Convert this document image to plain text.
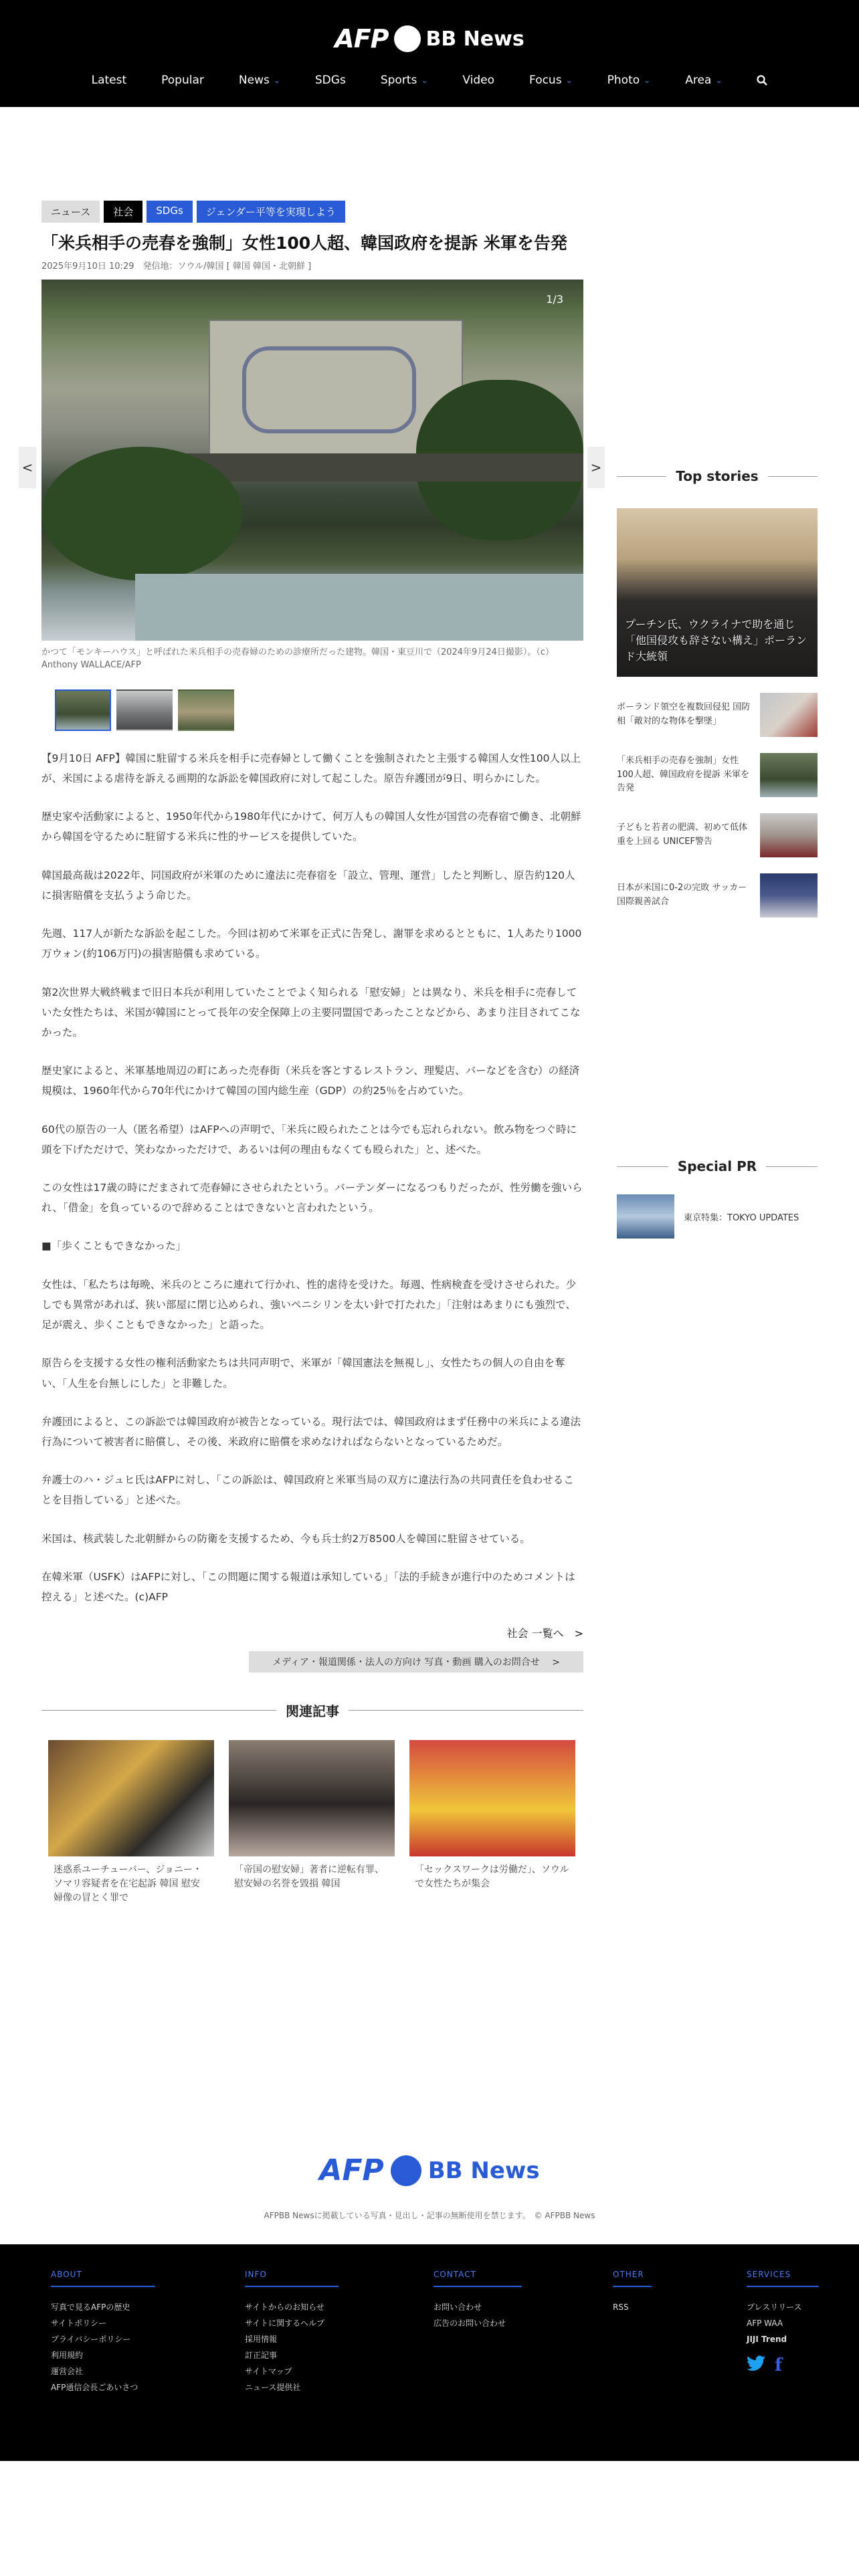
AFP BB News
Latest	Popular	News ⌄	SDGs	Sports ⌄	Video	Focus ⌄	Photo ⌄	Area ⌄
ニュース	社会	SDGs	ジェンダー平等を実現しよう
「米兵相手の売春を強制」女性100人超、韓国政府を提訴 米軍を告発
2025年9月10日 10:29　発信地：ソウル/韓国 [ 韓国 韓国・北朝鮮 ]
1/3
かつて「モンキーハウス」と呼ばれた米兵相手の売春婦のための診療所だった建物。韓国・東豆川で（2024年9月24日撮影）。（c）Anthony WALLACE/AFP

【9月10日 AFP】韓国に駐留する米兵を相手に売春婦として働くことを強制されたと主張する韓国人女性100人以上が、米国による虐待を訴える画期的な訴訟を韓国政府に対して起こした。原告弁護団が9日、明らかにした。

歴史家や活動家によると、1950年代から1980年代にかけて、何万人もの韓国人女性が国営の売春宿で働き、北朝鮮から韓国を守るために駐留する米兵に性的サービスを提供していた。

韓国最高裁は2022年、同国政府が米軍のために違法に売春宿を「設立、管理、運営」したと判断し、原告約120人に損害賠償を支払うよう命じた。

先週、117人が新たな訴訟を起こした。今回は初めて米軍を正式に告発し、謝罪を求めるとともに、1人あたり1000万ウォン(約106万円)の損害賠償も求めている。

第2次世界大戦終戦まで旧日本兵が利用していたことでよく知られる「慰安婦」とは異なり、米兵を相手に売春していた女性たちは、米国が韓国にとって長年の安全保障上の主要同盟国であったことなどから、あまり注目されてこなかった。

歴史家によると、米軍基地周辺の町にあった売春街（米兵を客とするレストラン、理髪店、バーなどを含む）の経済規模は、1960年代から70年代にかけて韓国の国内総生産（GDP）の約25％を占めていた。

60代の原告の一人（匿名希望）はAFPへの声明で、「米兵に殴られたことは今でも忘れられない。飲み物をつぐ時に頭を下げただけで、笑わなかっただけで、あるいは何の理由もなくても殴られた」と、述べた。

この女性は17歳の時にだまされて売春婦にさせられたという。バーテンダーになるつもりだったが、性労働を強いられ、「借金」を負っているので辞めることはできないと言われたという。

■「歩くこともできなかった」

女性は、「私たちは毎晩、米兵のところに連れて行かれ、性的虐待を受けた。毎週、性病検査を受けさせられた。少しでも異常があれば、狭い部屋に閉じ込められ、強いペニシリンを太い針で打たれた」「注射はあまりにも強烈で、足が震え、歩くこともできなかった」と語った。

原告らを支援する女性の権利活動家たちは共同声明で、米軍が「韓国憲法を無視し」、女性たちの個人の自由を奪い、「人生を台無しにした」と非難した。

弁護団によると、この訴訟では韓国政府が被告となっている。現行法では、韓国政府はまず任務中の米兵による違法行為について被害者に賠償し、その後、米政府に賠償を求めなければならないとなっているためだ。

弁護士のハ・ジュヒ氏はAFPに対し、「この訴訟は、韓国政府と米軍当局の双方に違法行為の共同責任を負わせることを目指している」と述べた。

米国は、核武装した北朝鮮からの防衛を支援するため、今も兵士約2万8500人を韓国に駐留させている。

在韓米軍（USFK）はAFPに対し、「この問題に関する報道は承知している」「法的手続きが進行中のためコメントは控える」と述べた。(c)AFP

社会 一覧へ　>
メディア・報道関係・法人の方向け 写真・動画 購入のお問合せ　 >
関連記事
迷惑系ユーチューバー、ジョニー・ソマリ容疑者を在宅起訴 韓国 慰安婦像の冒とく罪で
「帝国の慰安婦」著者に逆転有罪、慰安婦の名誉を毀損 韓国
「セックスワークは労働だ」、ソウルで女性たちが集会
<	>
Top stories
プーチン氏、ウクライナで助を通じ「他国侵攻も辞さない構え」ポーランド大統領
ポーランド領空を複数回侵犯 国防相「敵対的な物体を撃墜」
「米兵相手の売春を強制」女性100人超、韓国政府を提訴 米軍を告発
子どもと若者の肥満、初めて低体重を上回る UNICEF警告
日本が米国に0-2の完敗 サッカー国際親善試合
Special PR
東京特集：TOKYO UPDATES
AFP BB News
AFPBB Newsに掲載している写真・見出し・記事の無断使用を禁じます。　© AFPBB News
ABOUT
写真で見るAFPの歴史
サイトポリシー
プライバシーポリシー
利用規約
運営会社
AFP通信会長ごあいさつ
INFO
サイトからのお知らせ
サイトに関するヘルプ
採用情報
訂正記事
サイトマップ
ニュース提供社
CONTACT
お問い合わせ
広告のお問い合わせ
OTHER
RSS
SERVICES
プレスリリース
AFP WAA
JIJI Trend
f
